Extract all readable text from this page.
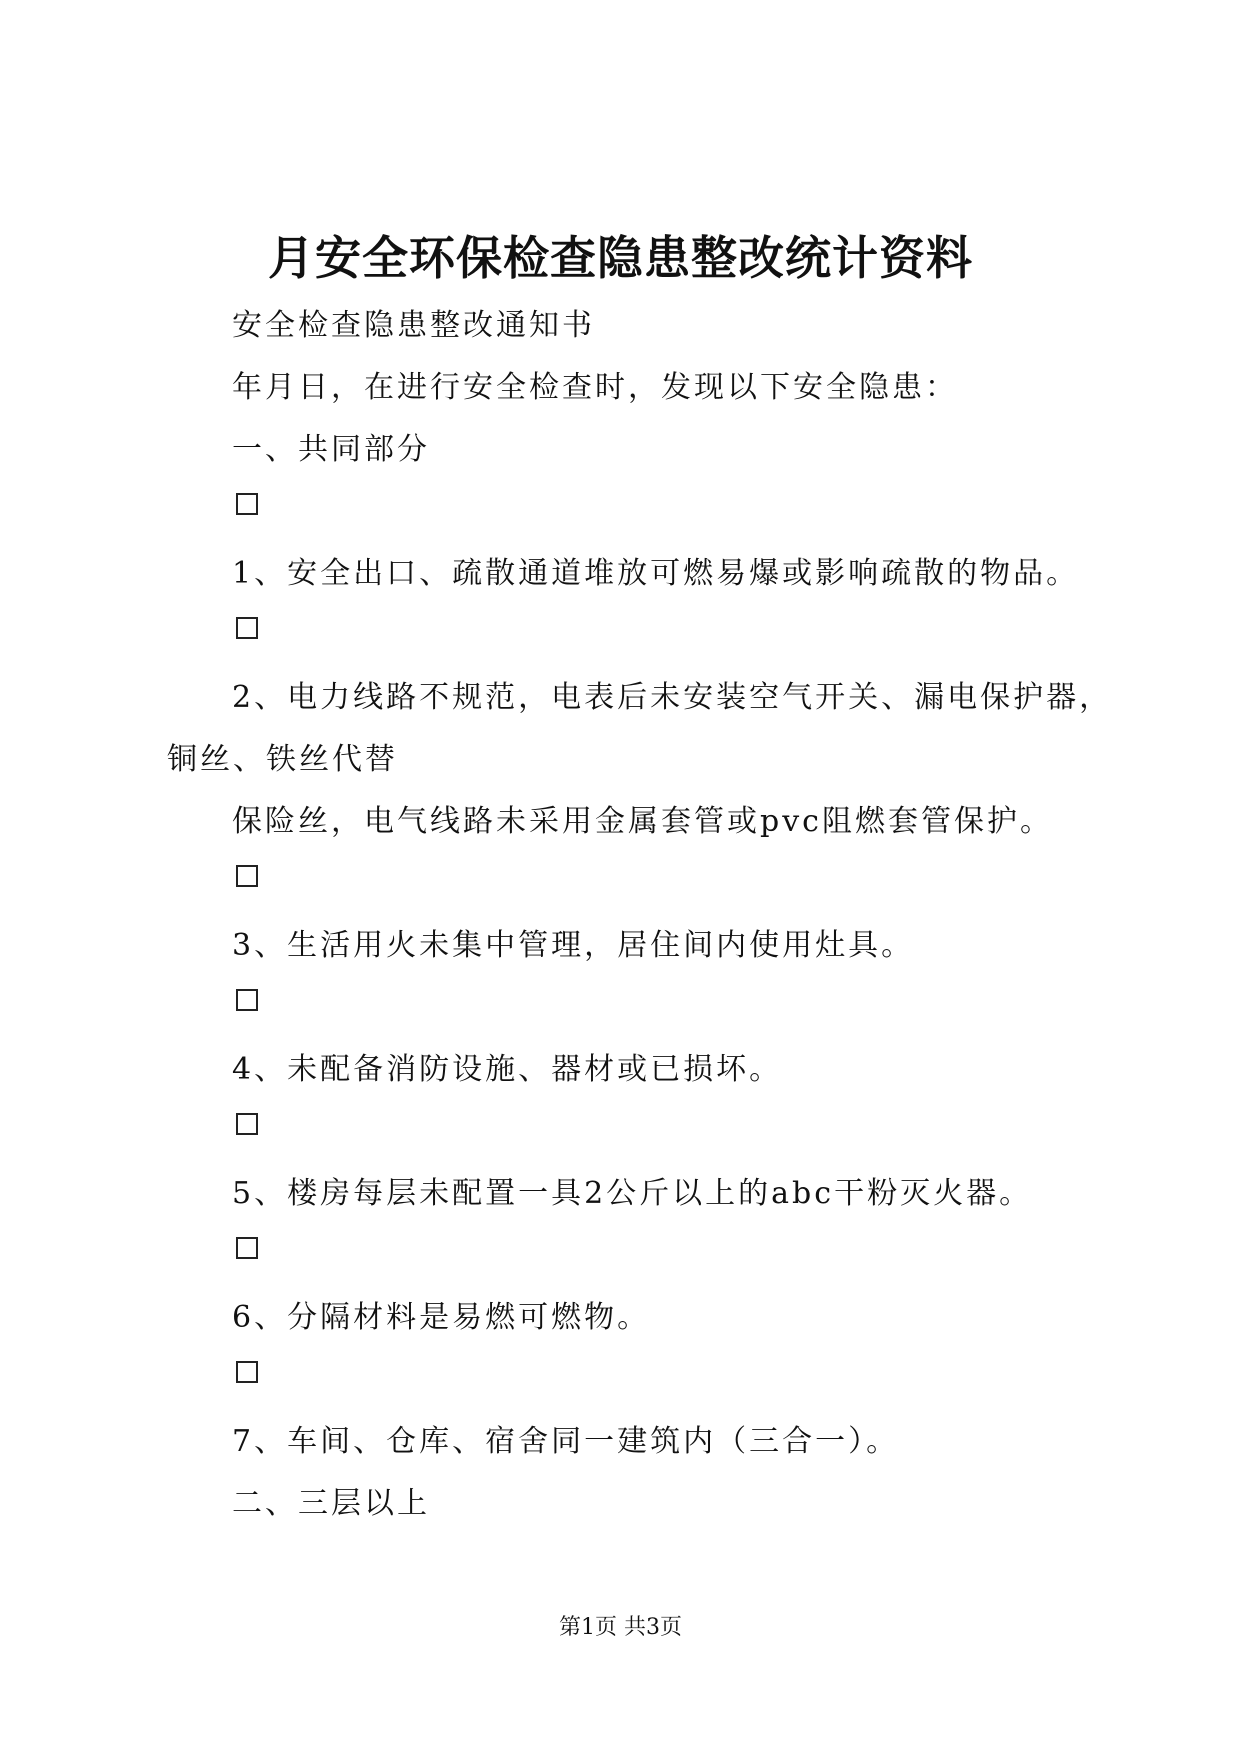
月安全环保检查隐患整改统计资料
安全检查隐患整改通知书
年月日，在进行安全检查时，发现以下安全隐患：
一、共同部分
1、安全出口、疏散通道堆放可燃易爆或影响疏散的物品。
2、电力线路不规范，电表后未安装空气开关、漏电保护器，
铜丝、铁丝代替
保险丝，电气线路未采用金属套管或pvc阻燃套管保护。
3、生活用火未集中管理，居住间内使用灶具。
4、未配备消防设施、器材或已损坏。
5、楼房每层未配置一具2公斤以上的abc干粉灭火器。
6、分隔材料是易燃可燃物。
7、车间、仓库、宿舍同一建筑内（三合一）。
二、三层以上
第1页 共3页
